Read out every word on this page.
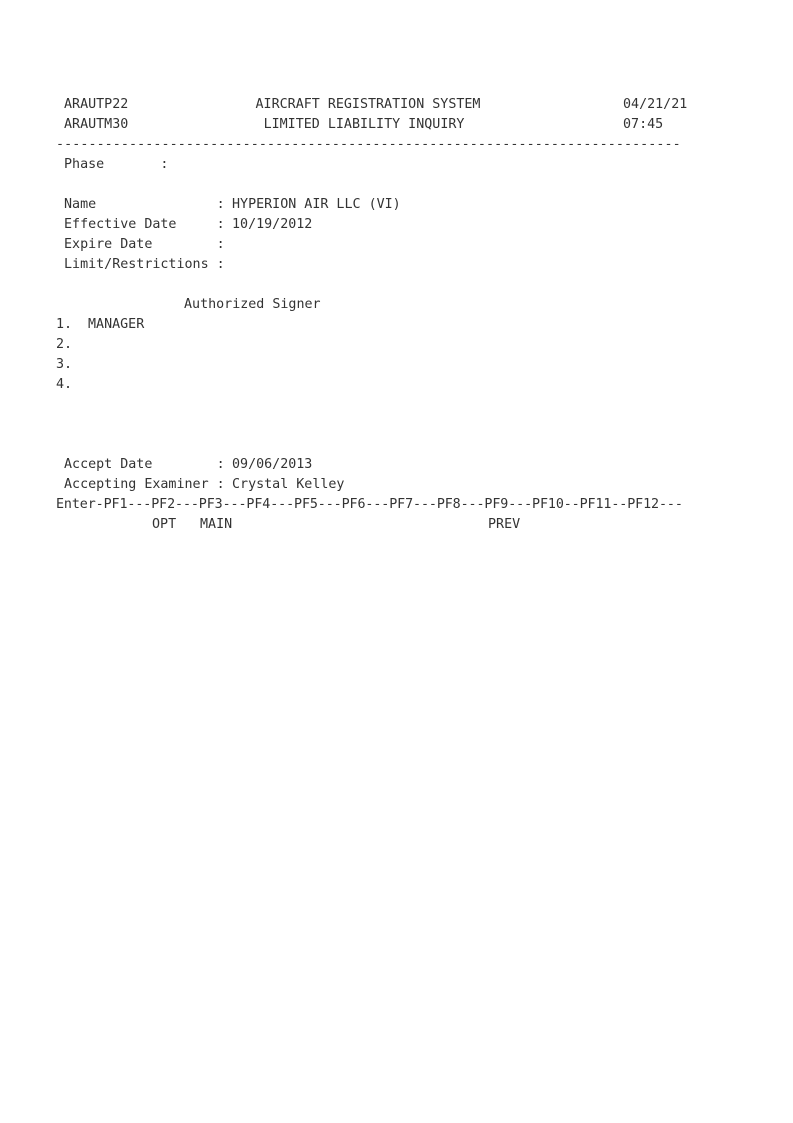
ARAUTP22	AIRCRAFT REGISTRATION SYSTEM	04/21/21
ARAUTM30	LIMITED LIABILITY INQUIRY	07:45
-----------------------------------------------------------------------------
Phase       :
Name               : HYPERION AIR LLC (VI)
Effective Date     : 10/19/2012
Expire Date        :
Limit/Restrictions :
Authorized Signer
1. MANAGER
2.
3.
4.
Accept Date        : 09/06/2013
Accepting Examiner : Crystal Kelley
Enter-PF1---PF2---PF3---PF4---PF5---PF6---PF7---PF8---PF9---PF10--PF11--PF12---
OPT MAIN	PREV
